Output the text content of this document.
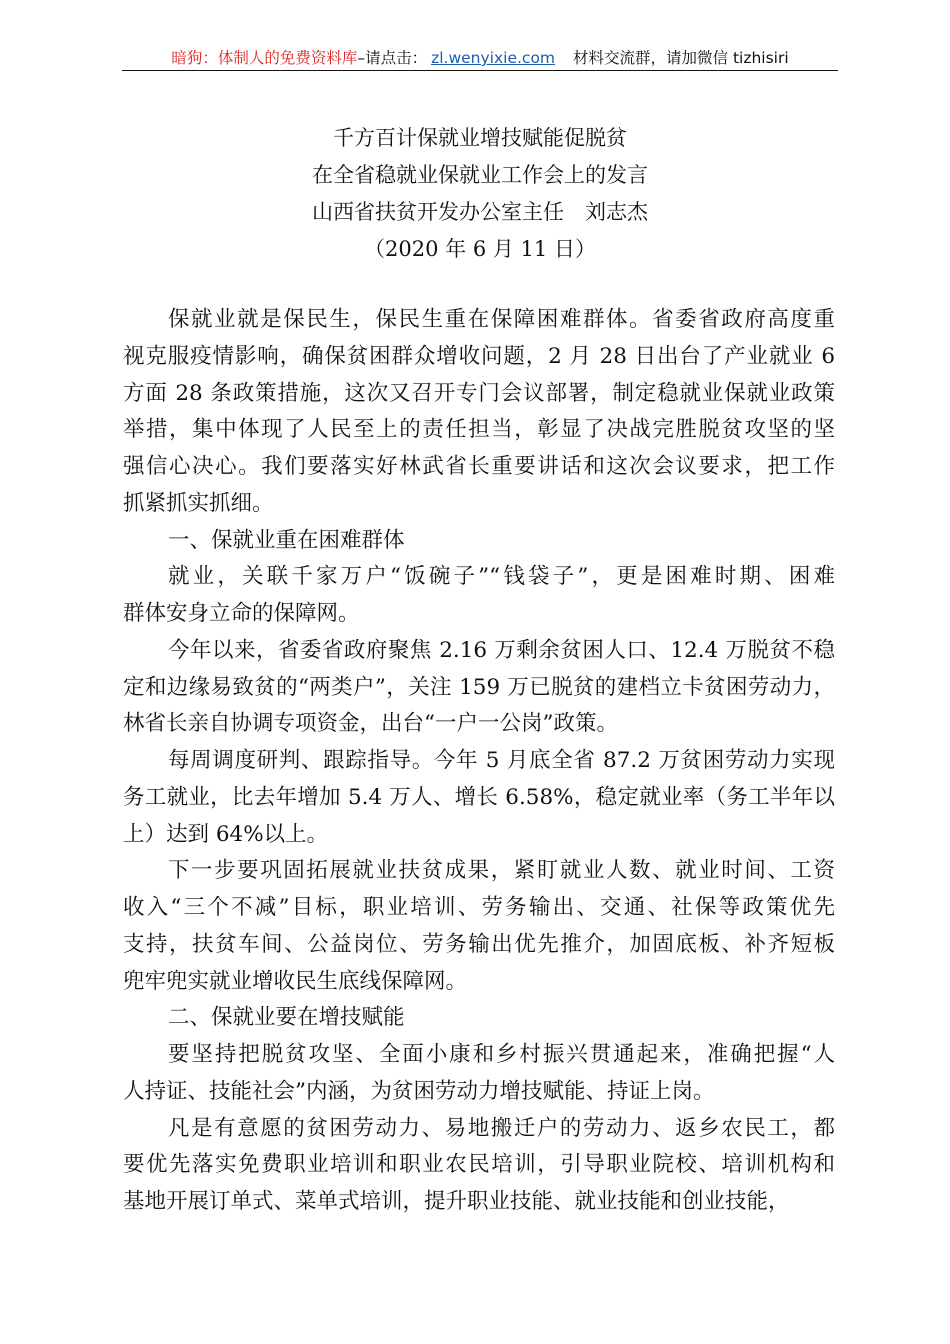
暗狗：体制人的免费资料库–请点击： zl.wenyixie.com 材料交流群，请加微信 tizhisiri
千方百计保就业增技赋能促脱贫
在全省稳就业保就业工作会上的发言
山西省扶贫开发办公室主任　刘志杰
（2020 年 6 月 11 日）
保就业就是保民生，保民生重在保障困难群体。省委省政府高度重
视克服疫情影响，确保贫困群众增收问题，2 月 28 日出台了产业就业 6
方面 28 条政策措施，这次又召开专门会议部署，制定稳就业保就业政策
举措，集中体现了人民至上的责任担当，彰显了决战完胜脱贫攻坚的坚
强信心决心。我们要落实好林武省长重要讲话和这次会议要求，把工作
抓紧抓实抓细。
一、保就业重在困难群体
就业，关联千家万户“饭碗子”“钱袋子”，更是困难时期、困难
群体安身立命的保障网。
今年以来，省委省政府聚焦 2.16 万剩余贫困人口、12.4 万脱贫不稳
定和边缘易致贫的“两类户”，关注 159 万已脱贫的建档立卡贫困劳动力，
林省长亲自协调专项资金，出台“一户一公岗”政策。
每周调度研判、跟踪指导。今年 5 月底全省 87.2 万贫困劳动力实现
务工就业，比去年增加 5.4 万人、增长 6.58%，稳定就业率（务工半年以
上）达到 64%以上。
下一步要巩固拓展就业扶贫成果，紧盯就业人数、就业时间、工资
收入“三个不减”目标，职业培训、劳务输出、交通、社保等政策优先
支持，扶贫车间、公益岗位、劳务输出优先推介，加固底板、补齐短板
兜牢兜实就业增收民生底线保障网。
二、保就业要在增技赋能
要坚持把脱贫攻坚、全面小康和乡村振兴贯通起来，准确把握“人
人持证、技能社会”内涵，为贫困劳动力增技赋能、持证上岗。
凡是有意愿的贫困劳动力、易地搬迁户的劳动力、返乡农民工，都
要优先落实免费职业培训和职业农民培训，引导职业院校、培训机构和
基地开展订单式、菜单式培训，提升职业技能、就业技能和创业技能，
